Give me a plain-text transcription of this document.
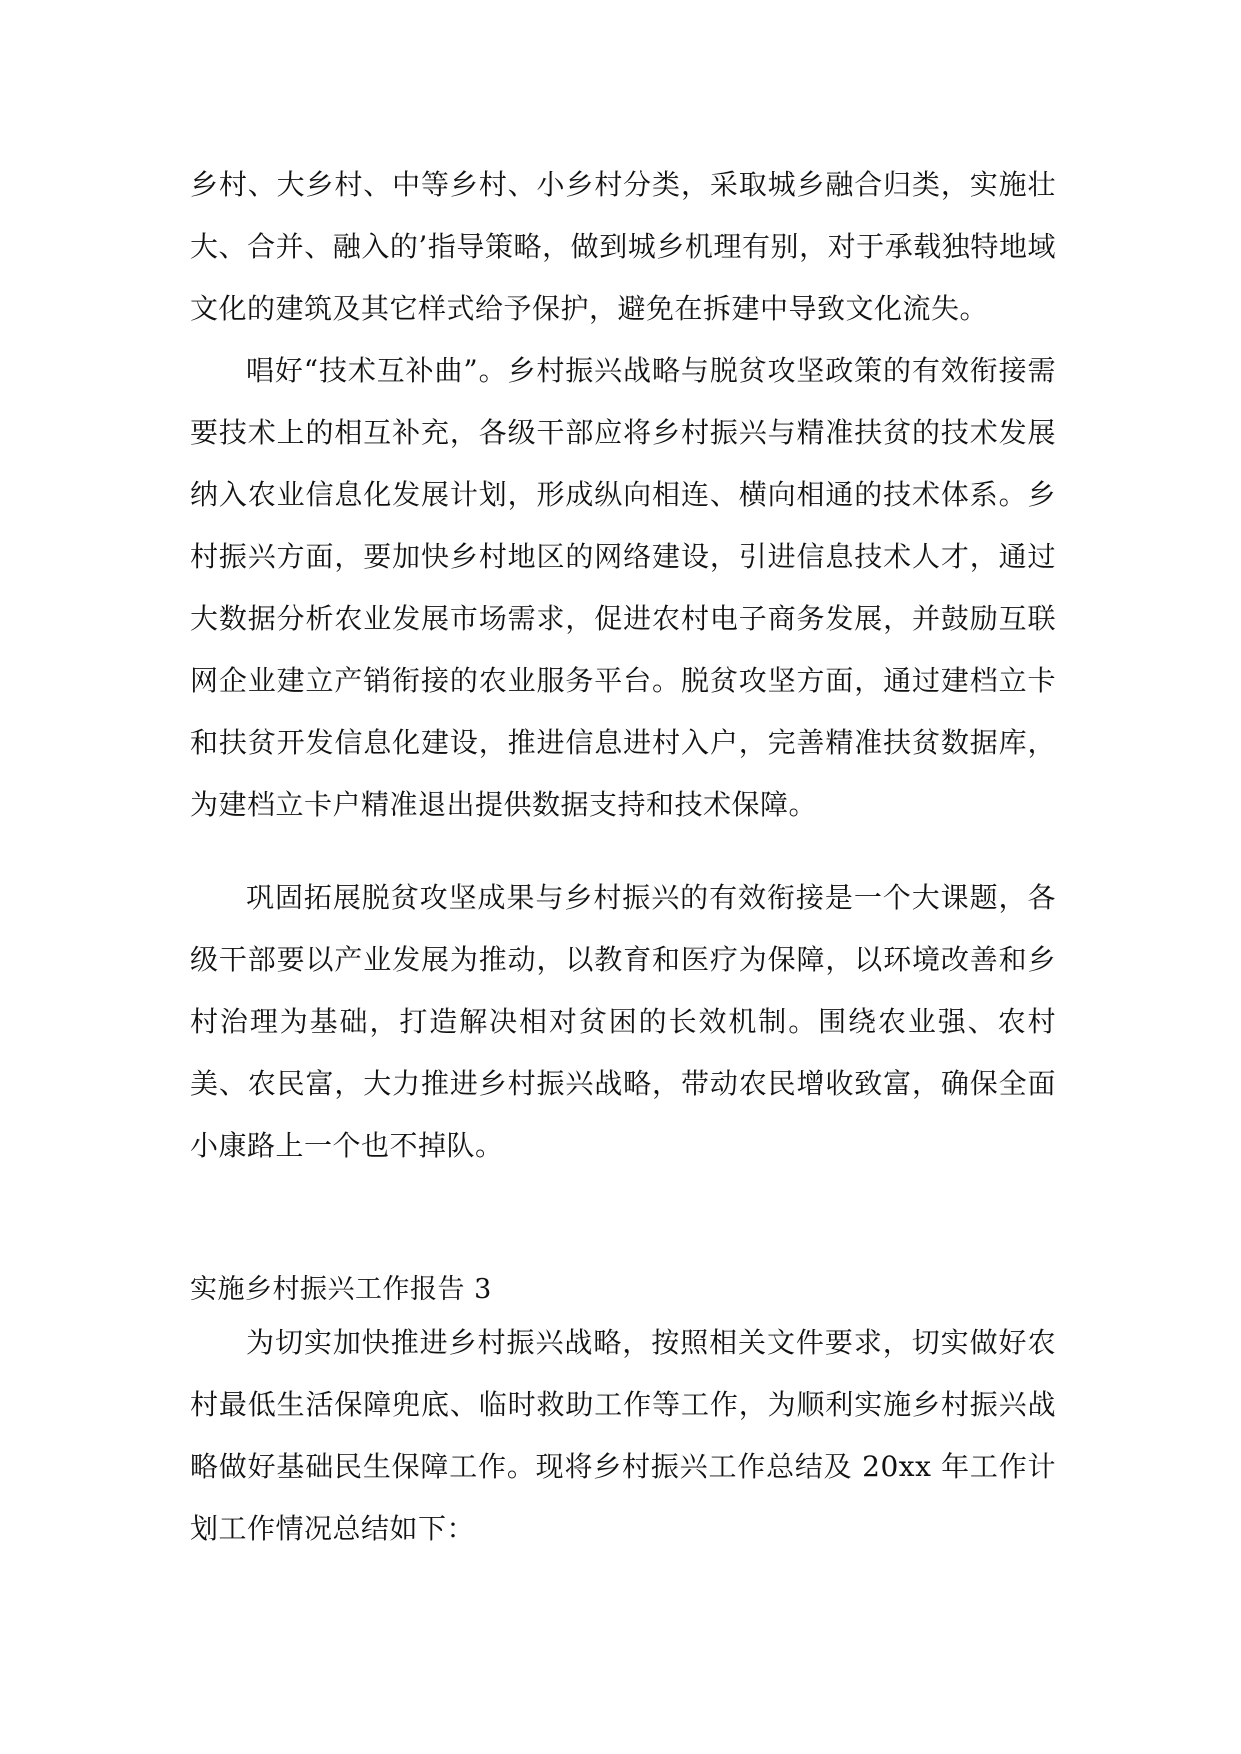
乡村、大乡村、中等乡村、小乡村分类，采取城乡融合归类，实施壮大、合并、融入的’指导策略，做到城乡机理有别，对于承载独特地域文化的建筑及其它样式给予保护，避免在拆建中导致文化流失。

唱好“技术互补曲”。乡村振兴战略与脱贫攻坚政策的有效衔接需要技术上的相互补充，各级干部应将乡村振兴与精准扶贫的技术发展纳入农业信息化发展计划，形成纵向相连、横向相通的技术体系。乡村振兴方面，要加快乡村地区的网络建设，引进信息技术人才，通过大数据分析农业发展市场需求，促进农村电子商务发展，并鼓励互联网企业建立产销衔接的农业服务平台。脱贫攻坚方面，通过建档立卡和扶贫开发信息化建设，推进信息进村入户，完善精准扶贫数据库，为建档立卡户精准退出提供数据支持和技术保障。

巩固拓展脱贫攻坚成果与乡村振兴的有效衔接是一个大课题，各级干部要以产业发展为推动，以教育和医疗为保障，以环境改善和乡村治理为基础，打造解决相对贫困的长效机制。围绕农业强、农村美、农民富，大力推进乡村振兴战略，带动农民增收致富，确保全面小康路上一个也不掉队。

实施乡村振兴工作报告 3

为切实加快推进乡村振兴战略，按照相关文件要求，切实做好农村最低生活保障兜底、临时救助工作等工作，为顺利实施乡村振兴战略做好基础民生保障工作。现将乡村振兴工作总结及 20xx 年工作计划工作情况总结如下：
